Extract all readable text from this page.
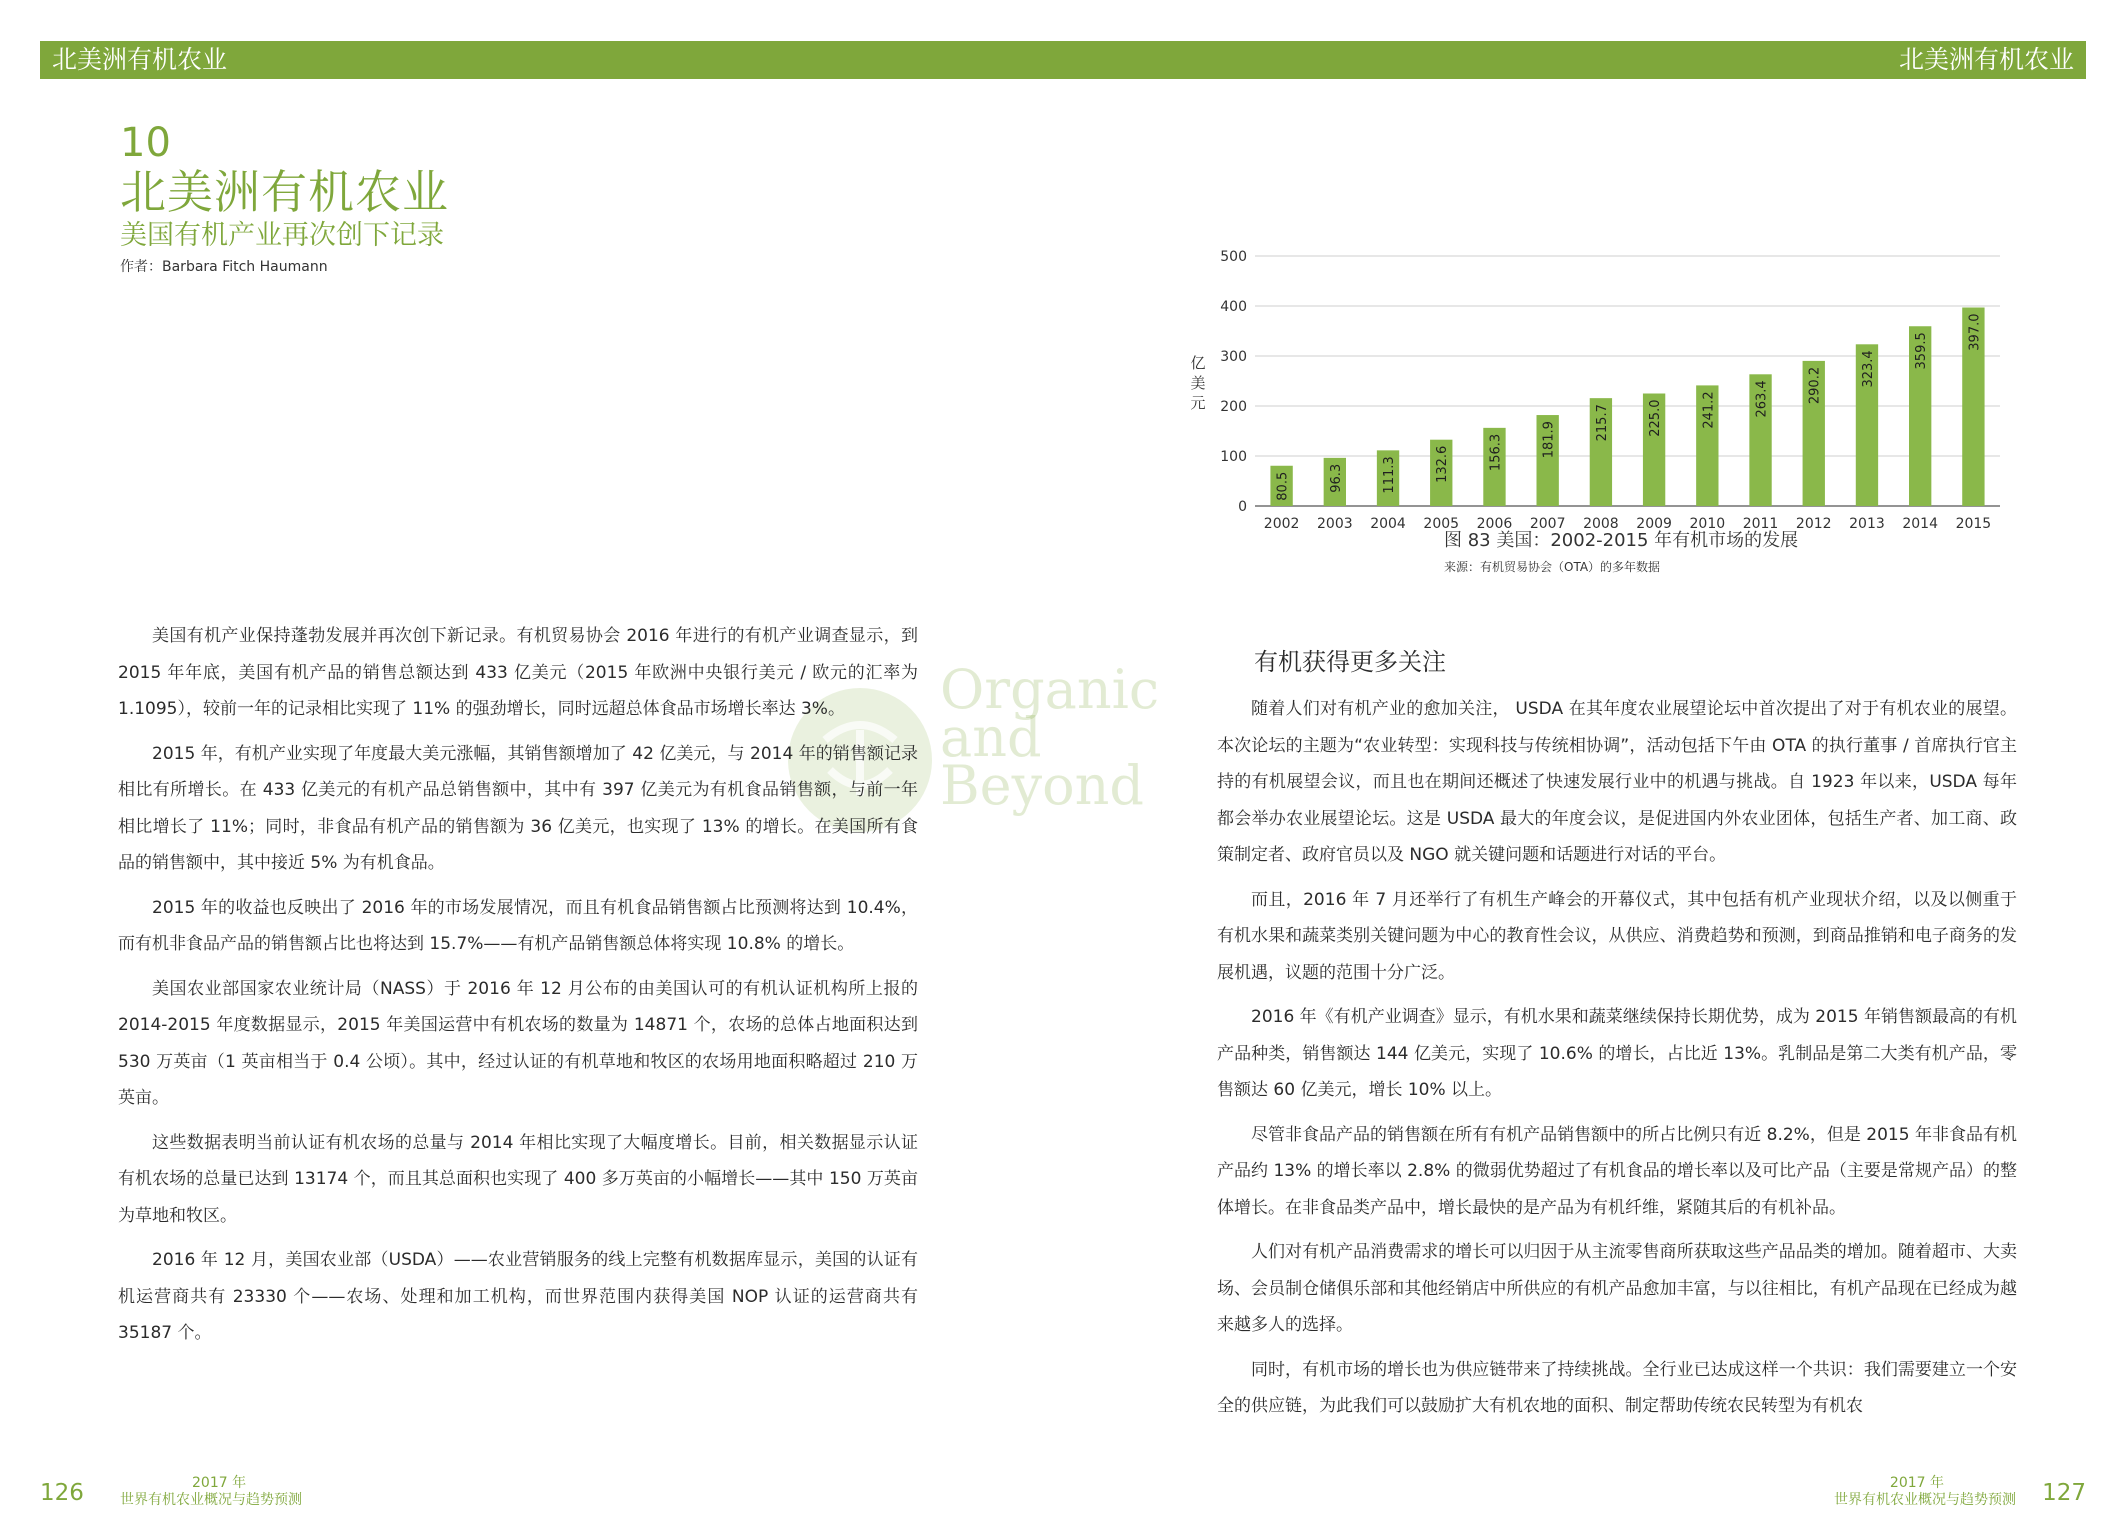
北美洲有机农业	北美洲有机农业
10
北美洲有机农业
美国有机产业再次创下记录
作者：Barbara Fitch Haumann
Organic
and
Beyond

美国有机产业保持蓬勃发展并再次创下新记录。有机贸易协会 2016 年进行的有机产业调查显示，到 2015 年年底，美国有机产品的销售总额达到 433 亿美元（2015 年欧洲中央银行美元 / 欧元的汇率为 1.1095），较前一年的记录相比实现了 11% 的强劲增长，同时远超总体食品市场增长率达 3%。

2015 年，有机产业实现了年度最大美元涨幅，其销售额增加了 42 亿美元，与 2014 年的销售额记录相比有所增长。在 433 亿美元的有机产品总销售额中，其中有 397 亿美元为有机食品销售额，与前一年相比增长了 11%；同时，非食品有机产品的销售额为 36 亿美元，也实现了 13% 的增长。在美国所有食品的销售额中，其中接近 5% 为有机食品。

2015 年的收益也反映出了 2016 年的市场发展情况，而且有机食品销售额占比预测将达到 10.4%，而有机非食品产品的销售额占比也将达到 15.7%——有机产品销售额总体将实现 10.8% 的增长。

美国农业部国家农业统计局（NASS）于 2016 年 12 月公布的由美国认可的有机认证机构所上报的 2014-2015 年度数据显示，2015 年美国运营中有机农场的数量为 14871 个，农场的总体占地面积达到 530 万英亩（1 英亩相当于 0.4 公顷）。其中，经过认证的有机草地和牧区的农场用地面积略超过 210 万英亩。

这些数据表明当前认证有机农场的总量与 2014 年相比实现了大幅度增长。目前，相关数据显示认证有机农场的总量已达到 13174 个，而且其总面积也实现了 400 多万英亩的小幅增长——其中 150 万英亩为草地和牧区。

2016 年 12 月，美国农业部（USDA）——农业营销服务的线上完整有机数据库显示，美国的认证有机运营商共有 23330 个——农场、处理和加工机构，而世界范围内获得美国 NOP 认证的运营商共有 35187 个。

0
100
200
300
400
500
亿
美
元
80.5
2002
96.3
2003
111.3
2004
132.6
2005
156.3
2006
181.9
2007
215.7
2008
225.0
2009
241.2
2010
263.4
2011
290.2
2012
323.4
2013
359.5
2014
397.0
2015
图 83 美国：2002-2015 年有机市场的发展
来源：有机贸易协会（OTA）的多年数据
有机获得更多关注

随着人们对有机产业的愈加关注， USDA 在其年度农业展望论坛中首次提出了对于有机农业的展望。本次论坛的主题为“农业转型：实现科技与传统相协调”，活动包括下午由 OTA 的执行董事 / 首席执行官主持的有机展望会议，而且也在期间还概述了快速发展行业中的机遇与挑战。自 1923 年以来，USDA 每年都会举办农业展望论坛。这是 USDA 最大的年度会议，是促进国内外农业团体，包括生产者、加工商、政策制定者、政府官员以及 NGO 就关键问题和话题进行对话的平台。

而且，2016 年 7 月还举行了有机生产峰会的开幕仪式，其中包括有机产业现状介绍，以及以侧重于有机水果和蔬菜类别关键问题为中心的教育性会议，从供应、消费趋势和预测，到商品推销和电子商务的发展机遇，议题的范围十分广泛。

2016 年《有机产业调查》显示，有机水果和蔬菜继续保持长期优势，成为 2015 年销售额最高的有机产品种类，销售额达 144 亿美元，实现了 10.6% 的增长，占比近 13%。乳制品是第二大类有机产品，零售额达 60 亿美元，增长 10% 以上。

尽管非食品产品的销售额在所有有机产品销售额中的所占比例只有近 8.2%，但是 2015 年非食品有机产品约 13% 的增长率以 2.8% 的微弱优势超过了有机食品的增长率以及可比产品（主要是常规产品）的整体增长。在非食品类产品中，增长最快的是产品为有机纤维，紧随其后的有机补品。

人们对有机产品消费需求的增长可以归因于从主流零售商所获取这些产品品类的增加。随着超市、大卖场、会员制仓储俱乐部和其他经销店中所供应的有机产品愈加丰富，与以往相比，有机产品现在已经成为越来越多人的选择。

同时，有机市场的增长也为供应链带来了持续挑战。全行业已达成这样一个共识：我们需要建立一个安全的供应链，为此我们可以鼓励扩大有机农地的面积、制定帮助传统农民转型为有机农

126	2017 年
世界有机农业概况与趋势预测
2017 年
世界有机农业概况与趋势预测 127
